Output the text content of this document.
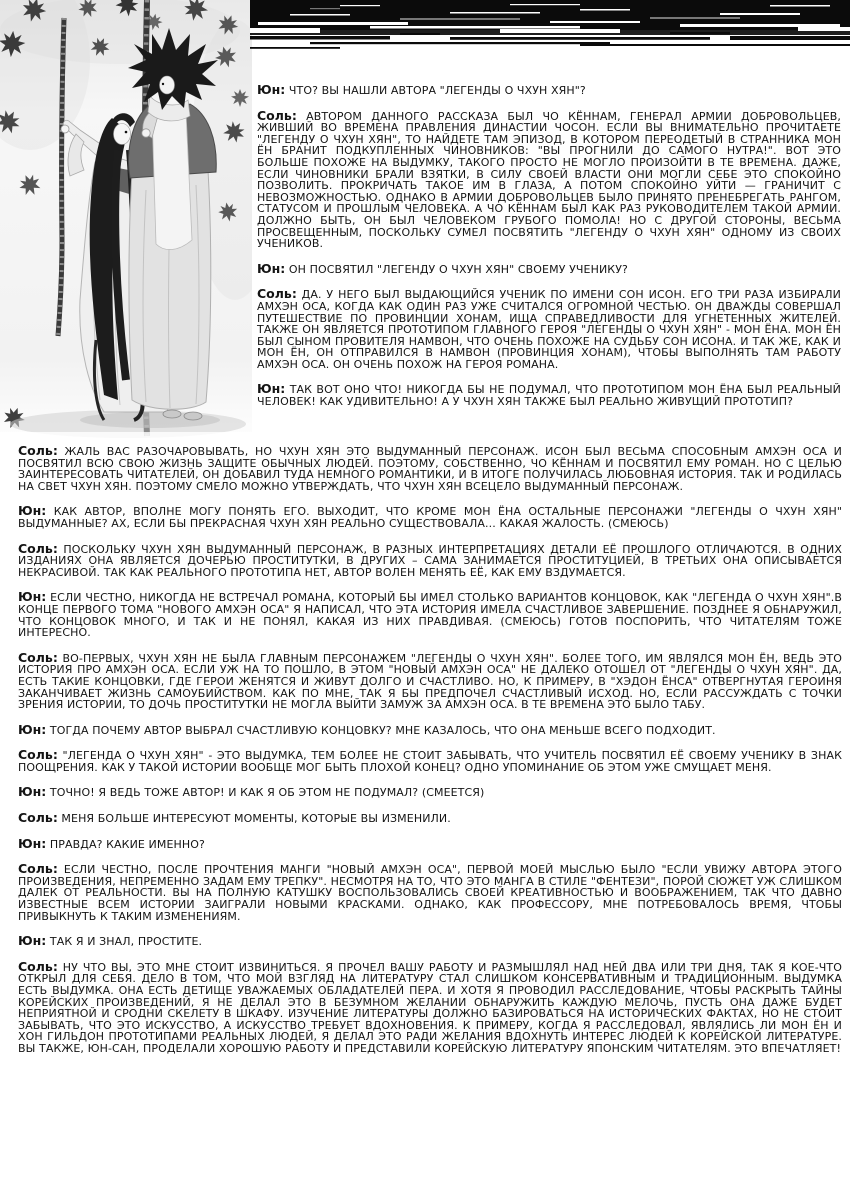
Юн: ЧТО? ВЫ НАШЛИ АВТОРА "ЛЕГЕНДЫ О ЧХУН ХЯН"?

Соль: АВТОРОМ ДАННОГО РАССКАЗА БЫЛ ЧО КЁННАМ, ГЕНЕРАЛ АРМИИ ДОБРОВОЛЬЦЕВ, ЖИВШИЙ ВО ВРЕМЕНА ПРАВЛЕНИЯ ДИНАСТИИ ЧОСОН. ЕСЛИ ВЫ ВНИМАТЕЛЬНО ПРОЧИТАЕТЕ "ЛЕГЕНДУ О ЧХУН ХЯН", ТО НАЙДЕТЕ ТАМ ЭПИЗОД, В КОТОРОМ ПЕРЕОДЕТЫЙ В СТРАННИКА МОН ЁН БРАНИТ ПОДКУПЛЕННЫХ ЧИНОВНИКОВ: "ВЫ ПРОГНИЛИ ДО САМОГО НУТРА!". ВОТ ЭТО БОЛЬШЕ ПОХОЖЕ НА ВЫДУМКУ, ТАКОГО ПРОСТО НЕ МОГЛО ПРОИЗОЙТИ В ТЕ ВРЕМЕНА. ДАЖЕ, ЕСЛИ ЧИНОВНИКИ БРАЛИ ВЗЯТКИ, В СИЛУ СВОЕЙ ВЛАСТИ ОНИ МОГЛИ СЕБЕ ЭТО СПОКОЙНО ПОЗВОЛИТЬ. ПРОКРИЧАТЬ ТАКОЕ ИМ В ГЛАЗА, А ПОТОМ СПОКОЙНО УЙТИ — ГРАНИЧИТ С НЕВОЗМОЖНОСТЬЮ. ОДНАКО В АРМИИ ДОБРОВОЛЬЦЕВ БЫЛО ПРИНЯТО ПРЕНЕБРЕГАТЬ РАНГОМ, СТАТУСОМ И ПРОШЛЫМ ЧЕЛОВЕКА. А ЧО КЁННАМ БЫЛ КАК РАЗ РУКОВОДИТЕЛЕМ ТАКОЙ АРМИИ. ДОЛЖНО БЫТЬ, ОН БЫЛ ЧЕЛОВЕКОМ ГРУБОГО ПОМОЛА! НО С ДРУГОЙ СТОРОНЫ, ВЕСЬМА ПРОСВЕЩЕННЫМ, ПОСКОЛЬКУ СУМЕЛ ПОСВЯТИТЬ "ЛЕГЕНДУ О ЧХУН ХЯН" ОДНОМУ ИЗ СВОИХ УЧЕНИКОВ.

Юн: ОН ПОСВЯТИЛ "ЛЕГЕНДУ О ЧХУН ХЯН" СВОЕМУ УЧЕНИКУ?

Соль: ДА. У НЕГО БЫЛ ВЫДАЮЩИЙСЯ УЧЕНИК ПО ИМЕНИ СОН ИСОН. ЕГО ТРИ РАЗА ИЗБИРАЛИ АМХЭН ОСА, КОГДА КАК ОДИН РАЗ УЖЕ СЧИТАЛСЯ ОГРОМНОЙ ЧЕСТЬЮ. ОН ДВАЖДЫ СОВЕРШАЛ ПУТЕШЕСТВИЕ ПО ПРОВИНЦИИ ХОНАМ, ИЩА СПРАВЕДЛИВОСТИ ДЛЯ УГНЕТЕННЫХ ЖИТЕЛЕЙ. ТАКЖЕ ОН ЯВЛЯЕТСЯ ПРОТОТИПОМ ГЛАВНОГО ГЕРОЯ "ЛЕГЕНДЫ О ЧХУН ХЯН" - МОН ЁНА. МОН ЁН БЫЛ СЫНОМ ПРОВИТЕЛЯ НАМВОН, ЧТО ОЧЕНЬ ПОХОЖЕ НА СУДЬБУ СОН ИСОНА. И ТАК ЖЕ, КАК И МОН ЁН, ОН ОТПРАВИЛСЯ В НАМВОН (ПРОВИНЦИЯ ХОНАМ), ЧТОБЫ ВЫПОЛНЯТЬ ТАМ РАБОТУ АМХЭН ОСА. ОН ОЧЕНЬ ПОХОЖ НА ГЕРОЯ РОМАНА.

Юн: ТАК ВОТ ОНО ЧТО! НИКОГДА БЫ НЕ ПОДУМАЛ, ЧТО ПРОТОТИПОМ МОН ЁНА БЫЛ РЕАЛЬНЫЙ ЧЕЛОВЕК! КАК УДИВИТЕЛЬНО! А У ЧХУН ХЯН ТАКЖЕ БЫЛ РЕАЛЬНО ЖИВУЩИЙ ПРОТОТИП?

Соль: ЖАЛЬ ВАС РАЗОЧАРОВЫВАТЬ, НО ЧХУН ХЯН ЭТО ВЫДУМАННЫЙ ПЕРСОНАЖ. ИСОН БЫЛ ВЕСЬМА СПОСОБНЫМ АМХЭН ОСА И ПОСВЯТИЛ ВСЮ СВОЮ ЖИЗНЬ ЗАЩИТЕ ОБЫЧНЫХ ЛЮДЕЙ. ПОЭТОМУ, СОБСТВЕННО, ЧО КЁННАМ И ПОСВЯТИЛ ЕМУ РОМАН. НО С ЦЕЛЬЮ ЗАИНТЕРЕСОВАТЬ ЧИТАТЕЛЕЙ, ОН ДОБАВИЛ ТУДА НЕМНОГО РОМАНТИКИ, И В ИТОГЕ ПОЛУЧИЛАСЬ ЛЮБОВНАЯ ИСТОРИЯ. ТАК И РОДИЛАСЬ НА СВЕТ ЧХУН ХЯН. ПОЭТОМУ СМЕЛО МОЖНО УТВЕРЖДАТЬ, ЧТО ЧХУН ХЯН ВСЕЦЕЛО ВЫДУМАННЫЙ ПЕРСОНАЖ.

Юн: КАК АВТОР, ВПОЛНЕ МОГУ ПОНЯТЬ ЕГО. ВЫХОДИТ, ЧТО КРОМЕ МОН ЁНА ОСТАЛЬНЫЕ ПЕРСОНАЖИ "ЛЕГЕНДЫ О ЧХУН ХЯН" ВЫДУМАННЫЕ? АХ, ЕСЛИ БЫ ПРЕКРАСНАЯ ЧХУН ХЯН РЕАЛЬНО СУЩЕСТВОВАЛА... КАКАЯ ЖАЛОСТЬ. (СМЕЮСЬ)

Соль: ПОСКОЛЬКУ ЧХУН ХЯН ВЫДУМАННЫЙ ПЕРСОНАЖ, В РАЗНЫХ ИНТЕРПРЕТАЦИЯХ ДЕТАЛИ ЕЁ ПРОШЛОГО ОТЛИЧАЮТСЯ. В ОДНИХ ИЗДАНИЯХ ОНА ЯВЛЯЕТСЯ ДОЧЕРЬЮ ПРОСТИТУТКИ, В ДРУГИХ – САМА ЗАНИМАЕТСЯ ПРОСТИТУЦИЕЙ, В ТРЕТЬИХ ОНА ОПИСЫВАЕТСЯ НЕКРАСИВОЙ. ТАК КАК РЕАЛЬНОГО ПРОТОТИПА НЕТ, АВТОР ВОЛЕН МЕНЯТЬ ЕЁ, КАК ЕМУ ВЗДУМАЕТСЯ.

Юн: ЕСЛИ ЧЕСТНО, НИКОГДА НЕ ВСТРЕЧАЛ РОМАНА, КОТОРЫЙ БЫ ИМЕЛ СТОЛЬКО ВАРИАНТОВ КОНЦОВОК, КАК "ЛЕГЕНДА О ЧХУН ХЯН".В КОНЦЕ ПЕРВОГО ТОМА "НОВОГО АМХЭН ОСА" Я НАПИСАЛ, ЧТО ЭТА ИСТОРИЯ ИМЕЛА СЧАСТЛИВОЕ ЗАВЕРШЕНИЕ. ПОЗДНЕЕ Я ОБНАРУЖИЛ, ЧТО КОНЦОВОК МНОГО, И ТАК И НЕ ПОНЯЛ, КАКАЯ ИЗ НИХ ПРАВДИВАЯ. (СМЕЮСЬ) ГОТОВ ПОСПОРИТЬ, ЧТО ЧИТАТЕЛЯМ ТОЖЕ ИНТЕРЕСНО.

Соль: ВО-ПЕРВЫХ, ЧХУН ХЯН НЕ БЫЛА ГЛАВНЫМ ПЕРСОНАЖЕМ "ЛЕГЕНДЫ О ЧХУН ХЯН". БОЛЕЕ ТОГО, ИМ ЯВЛЯЛСЯ МОН ЁН, ВЕДЬ ЭТО ИСТОРИЯ ПРО АМХЭН ОСА. ЕСЛИ УЖ НА ТО ПОШЛО, В ЭТОМ "НОВЫЙ АМХЭН ОСА" НЕ ДАЛЕКО ОТОШЕЛ ОТ "ЛЕГЕНДЫ О ЧХУН ХЯН". ДА, ЕСТЬ ТАКИЕ КОНЦОВКИ, ГДЕ ГЕРОИ ЖЕНЯТСЯ И ЖИВУТ ДОЛГО И СЧАСТЛИВО. НО, К ПРИМЕРУ, В "ХЭДОН ЁНСА" ОТВЕРГНУТАЯ ГЕРОИНЯ ЗАКАНЧИВАЕТ ЖИЗНЬ САМОУБИЙСТВОМ. КАК ПО МНЕ, ТАК Я БЫ ПРЕДПОЧЕЛ СЧАСТЛИВЫЙ ИСХОД. НО, ЕСЛИ РАССУЖДАТЬ С ТОЧКИ ЗРЕНИЯ ИСТОРИИ, ТО ДОЧЬ ПРОСТИТУТКИ НЕ МОГЛА ВЫЙТИ ЗАМУЖ ЗА АМХЭН ОСА. В ТЕ ВРЕМЕНА ЭТО БЫЛО ТАБУ.

Юн: ТОГДА ПОЧЕМУ АВТОР ВЫБРАЛ СЧАСТЛИВУЮ КОНЦОВКУ? МНЕ КАЗАЛОСЬ, ЧТО ОНА МЕНЬШЕ ВСЕГО ПОДХОДИТ.

Соль: "ЛЕГЕНДА О ЧХУН ХЯН" - ЭТО ВЫДУМКА, ТЕМ БОЛЕЕ НЕ СТОИТ ЗАБЫВАТЬ, ЧТО УЧИТЕЛЬ ПОСВЯТИЛ ЕЁ СВОЕМУ УЧЕНИКУ В ЗНАК ПООЩРЕНИЯ. КАК У ТАКОЙ ИСТОРИИ ВООБЩЕ МОГ БЫТЬ ПЛОХОЙ КОНЕЦ? ОДНО УПОМИНАНИЕ ОБ ЭТОМ УЖЕ СМУЩАЕТ МЕНЯ.

Юн: ТОЧНО! Я ВЕДЬ ТОЖЕ АВТОР! И КАК Я ОБ ЭТОМ НЕ ПОДУМАЛ? (СМЕЕТСЯ)

Соль: МЕНЯ БОЛЬШЕ ИНТЕРЕСУЮТ МОМЕНТЫ, КОТОРЫЕ ВЫ ИЗМЕНИЛИ.

Юн: ПРАВДА? КАКИЕ ИМЕННО?

Соль: ЕСЛИ ЧЕСТНО, ПОСЛЕ ПРОЧТЕНИЯ МАНГИ "НОВЫЙ АМХЭН ОСА", ПЕРВОЙ МОЕЙ МЫСЛЬЮ БЫЛО "ЕСЛИ УВИЖУ АВТОРА ЭТОГО ПРОИЗВЕДЕНИЯ, НЕПРЕМЕННО ЗАДАМ ЕМУ ТРЕПКУ". НЕСМОТРЯ НА ТО, ЧТО ЭТО МАНГА В СТИЛЕ "ФЕНТЕЗИ", ПОРОЙ СЮЖЕТ УЖ СЛИШКОМ ДАЛЕК ОТ РЕАЛЬНОСТИ. ВЫ НА ПОЛНУЮ КАТУШКУ ВОСПОЛЬЗОВАЛИСЬ СВОЕЙ КРЕАТИВНОСТЬЮ И ВООБРАЖЕНИЕМ, ТАК ЧТО ДАВНО ИЗВЕСТНЫЕ ВСЕМ ИСТОРИИ ЗАИГРАЛИ НОВЫМИ КРАСКАМИ. ОДНАКО, КАК ПРОФЕССОРУ, МНЕ ПОТРЕБОВАЛОСЬ ВРЕМЯ, ЧТОБЫ ПРИВЫКНУТЬ К ТАКИМ ИЗМЕНЕНИЯМ.

Юн: ТАК Я И ЗНАЛ, ПРОСТИТЕ.

Соль: НУ ЧТО ВЫ, ЭТО МНЕ СТОИТ ИЗВИНИТЬСЯ. Я ПРОЧЕЛ ВАШУ РАБОТУ И РАЗМЫШЛЯЛ НАД НЕЙ ДВА ИЛИ ТРИ ДНЯ, ТАК Я КОЕ-ЧТО ОТКРЫЛ ДЛЯ СЕБЯ. ДЕЛО В ТОМ, ЧТО МОЙ ВЗГЛЯД НА ЛИТЕРАТУРУ СТАЛ СЛИШКОМ КОНСЕРВАТИВНЫМ И ТРАДИЦИОННЫМ. ВЫДУМКА ЕСТЬ ВЫДУМКА. ОНА ЕСТЬ ДЕТИЩЕ УВАЖАЕМЫХ ОБЛАДАТЕЛЕЙ ПЕРА. И ХОТЯ Я ПРОВОДИЛ РАССЛЕДОВАНИЕ, ЧТОБЫ РАСКРЫТЬ ТАЙНЫ КОРЕЙСКИХ ПРОИЗВЕДЕНИЙ, Я НЕ ДЕЛАЛ ЭТО В БЕЗУМНОМ ЖЕЛАНИИ ОБНАРУЖИТЬ КАЖДУЮ МЕЛОЧЬ, ПУСТЬ ОНА ДАЖЕ БУДЕТ НЕПРИЯТНОЙ И СРОДНИ СКЕЛЕТУ В ШКАФУ. ИЗУЧЕНИЕ ЛИТЕРАТУРЫ ДОЛЖНО БАЗИРОВАТЬСЯ НА ИСТОРИЧЕСКИХ ФАКТАХ, НО НЕ СТОИТ ЗАБЫВАТЬ, ЧТО ЭТО ИСКУССТВО, А ИСКУССТВО ТРЕБУЕТ ВДОХНОВЕНИЯ. К ПРИМЕРУ, КОГДА Я РАССЛЕДОВАЛ, ЯВЛЯЛИСЬ ЛИ МОН ЁН И ХОН ГИЛЬДОН ПРОТОТИПАМИ РЕАЛЬНЫХ ЛЮДЕЙ, Я ДЕЛАЛ ЭТО РАДИ ЖЕЛАНИЯ ВДОХНУТЬ ИНТЕРЕС ЛЮДЕЙ К КОРЕЙСКОЙ ЛИТЕРАТУРЕ. ВЫ ТАКЖЕ, ЮН-САН, ПРОДЕЛАЛИ ХОРОШУЮ РАБОТУ И ПРЕДСТАВИЛИ КОРЕЙСКУЮ ЛИТЕРАТУРУ ЯПОНСКИМ ЧИТАТЕЛЯМ. ЭТО ВПЕЧАТЛЯЕТ!
